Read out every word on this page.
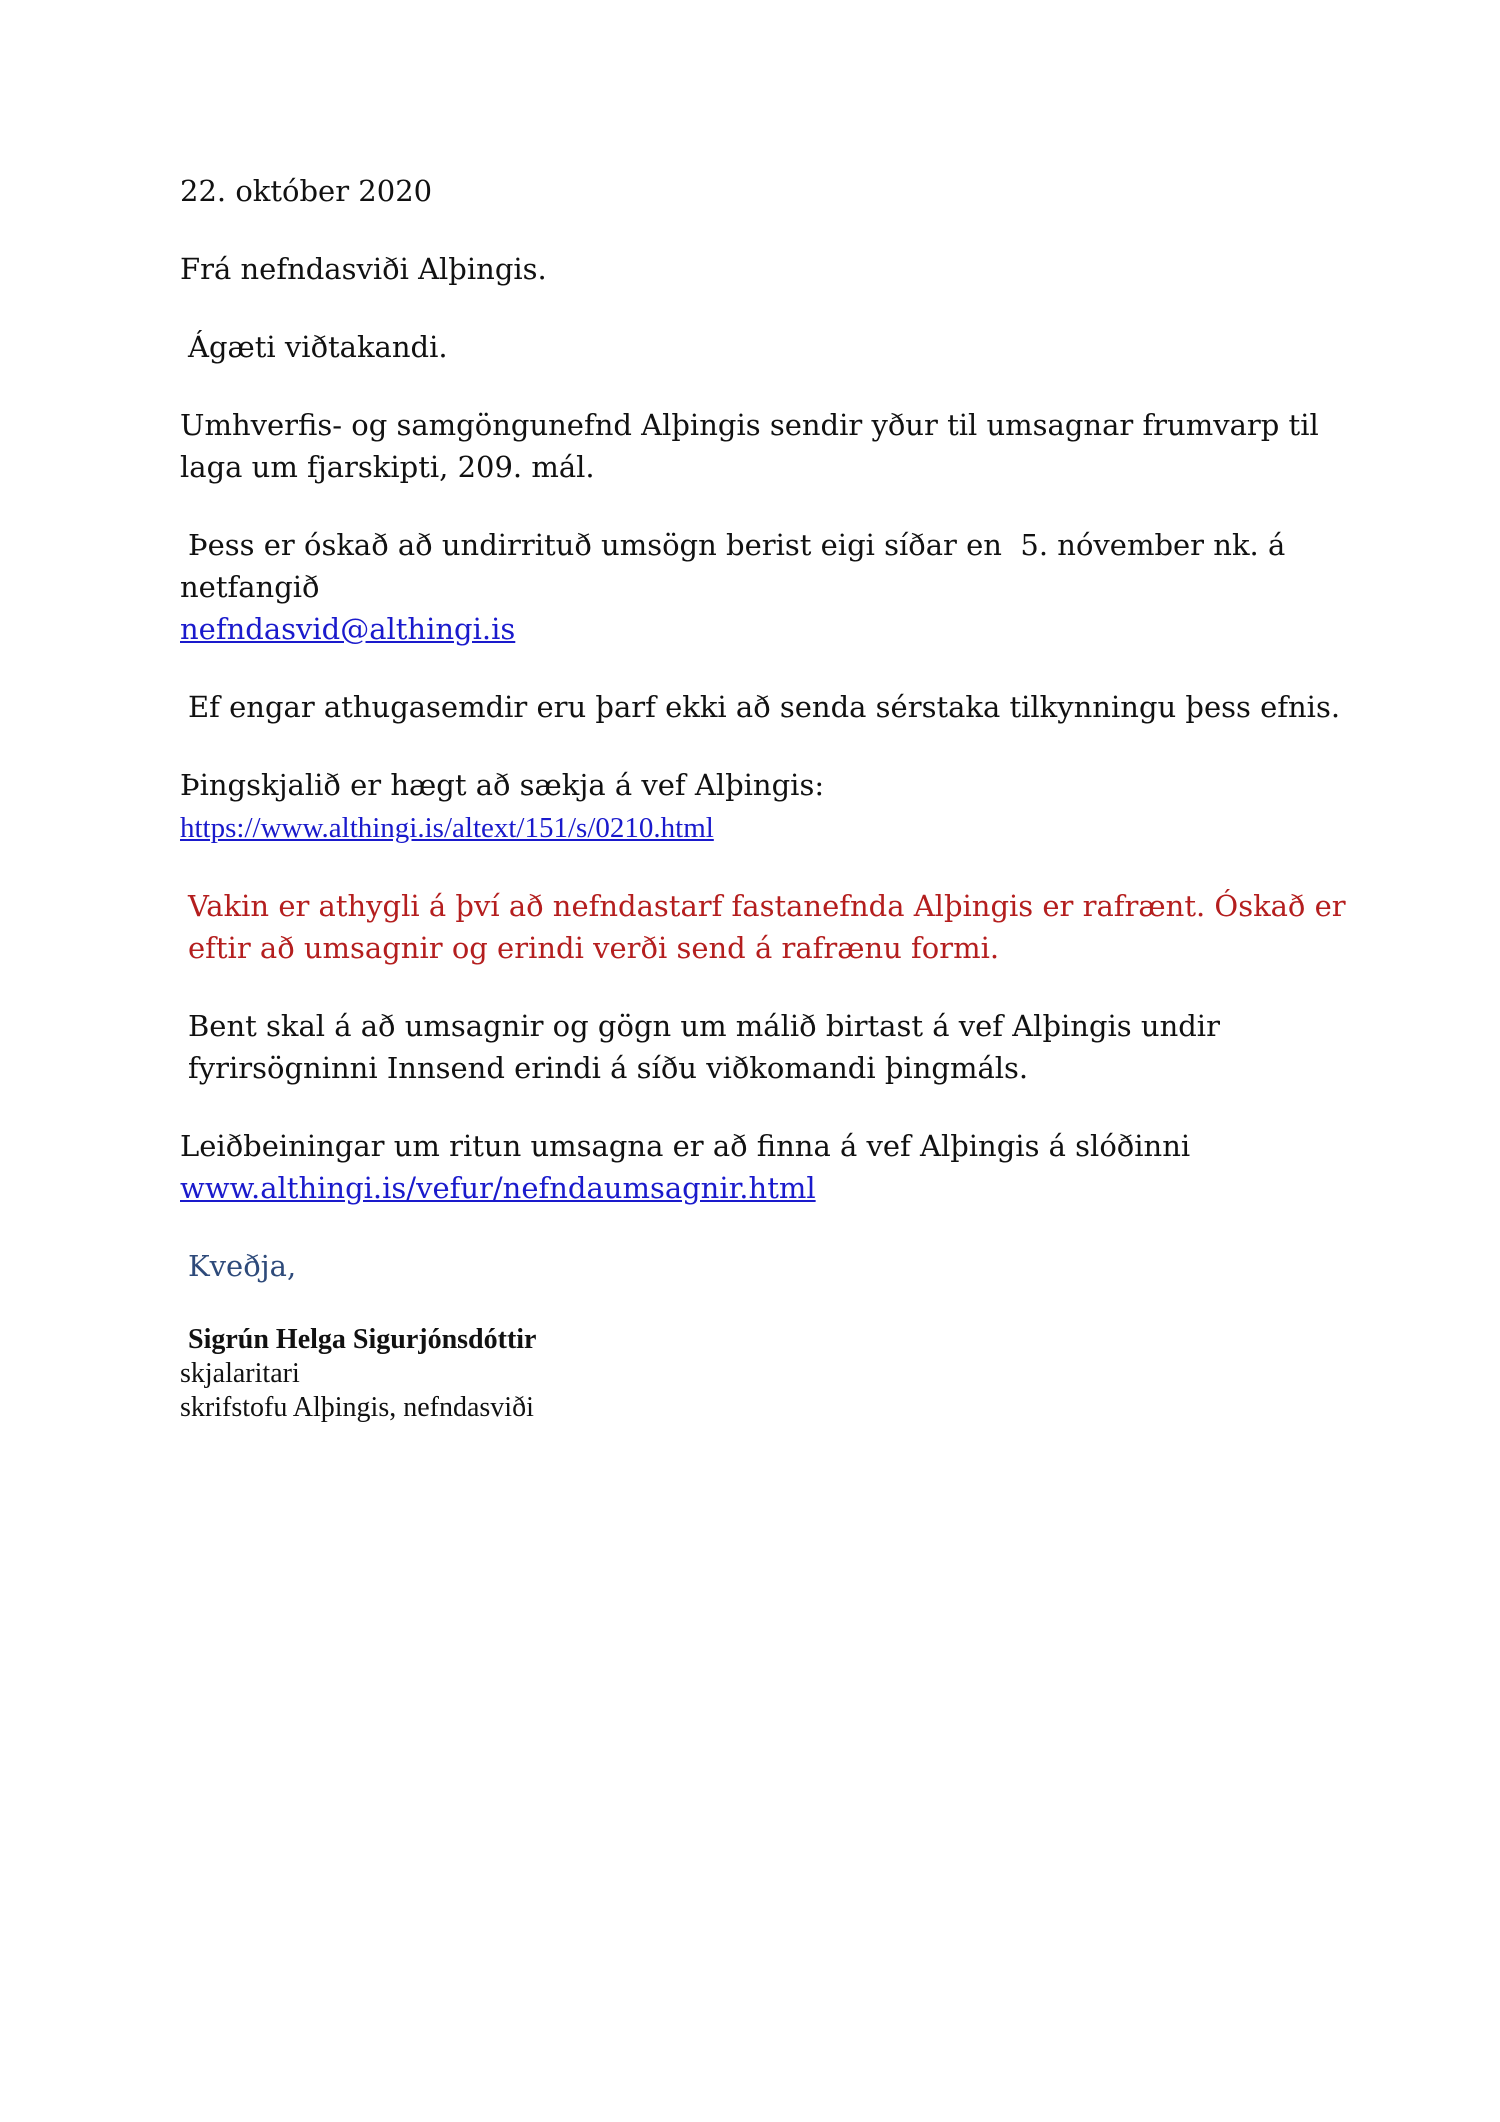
22. október 2020

Frá nefndasviði Alþingis.

Ágæti viðtakandi.

Umhverfis- og samgöngunefnd Alþingis sendir yður til umsagnar frumvarp til laga um fjarskipti, 209. mál.

Þess er óskað að undirrituð umsögn berist eigi síðar en  5. nóvember nk. á netfangið
nefndasvid@althingi.is

Ef engar athugasemdir eru þarf ekki að senda sérstaka tilkynningu þess efnis.

Þingskjalið er hægt að sækja á vef Alþingis:
https://www.althingi.is/altext/151/s/0210.html

Vakin er athygli á því að nefndastarf fastanefnda Alþingis er rafrænt. Óskað er eftir að umsagnir og erindi verði send á rafrænu formi.

Bent skal á að umsagnir og gögn um málið birtast á vef Alþingis undir fyrirsögninni Innsend erindi á síðu viðkomandi þingmáls.

Leiðbeiningar um ritun umsagna er að finna á vef Alþingis á slóðinni
www.althingi.is/vefur/nefndaumsagnir.html

Kveðja,

Sigrún Helga Sigurjónsdóttir

skjalaritari

skrifstofu Alþingis, nefndasviði
